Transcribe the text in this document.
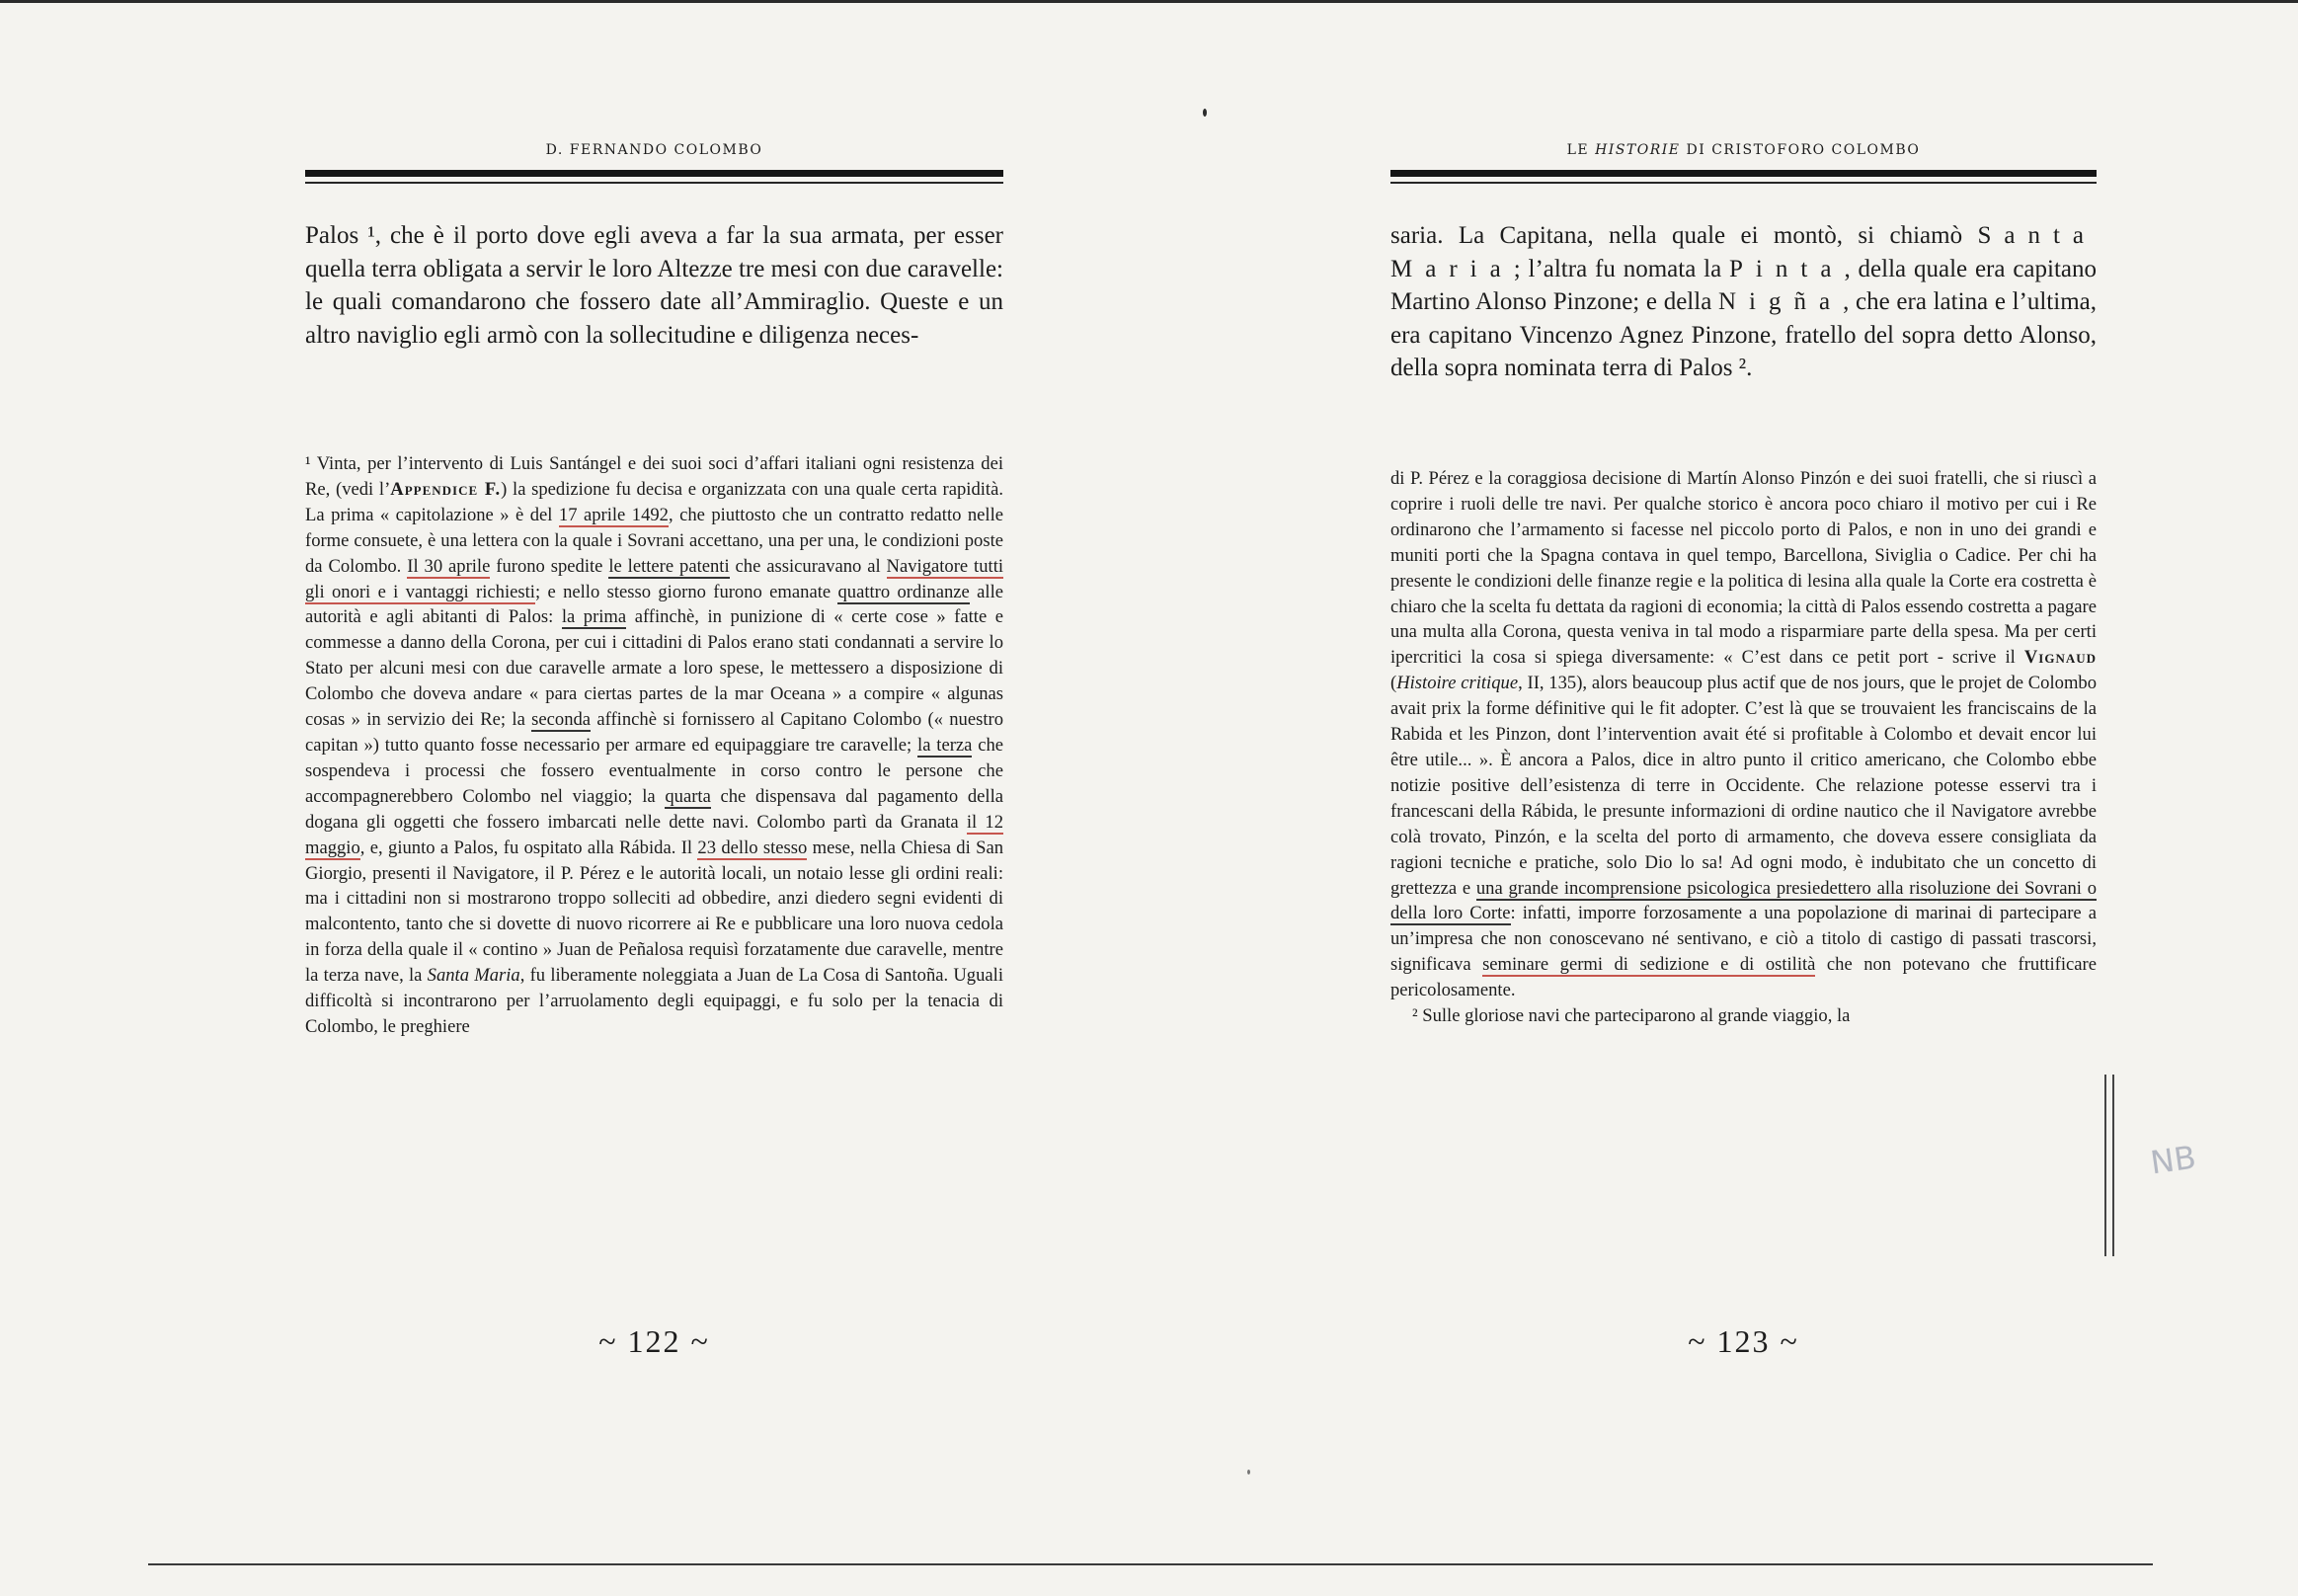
D. FERNANDO COLOMBO

Palos ¹, che è il porto dove egli aveva a far la sua armata, per esser quella terra obligata a servir le loro Altezze tre mesi con due caravelle: le quali comandarono che fossero date all’Ammiraglio. Queste e un altro naviglio egli armò con la sollecitudine e diligenza neces-

¹ Vinta, per l’intervento di Luis Santángel e dei suoi soci d’affari italiani ogni resistenza dei Re, (vedi l’Appendice F.) la spedizione fu decisa e organizzata con una quale certa rapidità. La prima « capitolazione » è del 17 aprile 1492, che piuttosto che un contratto redatto nelle forme consuete, è una lettera con la quale i Sovrani accettano, una per una, le condizioni poste da Colombo. Il 30 aprile furono spedite le lettere patenti che assicuravano al Navigatore tutti gli onori e i vantaggi richiesti; e nello stesso giorno furono emanate quattro ordinanze alle autorità e agli abitanti di Palos: la prima affinchè, in punizione di « certe cose » fatte e commesse a danno della Corona, per cui i cittadini di Palos erano stati condannati a servire lo Stato per alcuni mesi con due caravelle armate a loro spese, le mettessero a disposizione di Colombo che doveva andare « para ciertas partes de la mar Oceana » a compire « algunas cosas » in servizio dei Re; la seconda affinchè si fornissero al Capitano Colombo (« nuestro capitan ») tutto quanto fosse necessario per armare ed equipaggiare tre caravelle; la terza che sospendeva i processi che fossero eventualmente in corso contro le persone che accompagnerebbero Colombo nel viaggio; la quarta che dispensava dal pagamento della dogana gli oggetti che fossero imbarcati nelle dette navi. Colombo partì da Granata il 12 maggio, e, giunto a Palos, fu ospitato alla Rábida. Il 23 dello stesso mese, nella Chiesa di San Giorgio, presenti il Navigatore, il P. Pérez e le autorità locali, un notaio lesse gli ordini reali: ma i cittadini non si mostrarono troppo solleciti ad obbedire, anzi diedero segni evidenti di malcontento, tanto che si dovette di nuovo ricorrere ai Re e pubblicare una loro nuova cedola in forza della quale il « contino » Juan de Peñalosa requisì forzatamente due caravelle, mentre la terza nave, la Santa Maria, fu liberamente noleggiata a Juan de La Cosa di Santoña. Uguali difficoltà si incontrarono per l’arruolamento degli equipaggi, e fu solo per la tenacia di Colombo, le preghiere

~ 122 ~
LE HISTORIE DI CRISTOFORO COLOMBO

saria. La Capitana, nella quale ei montò, si chiamò Santa Maria; l’altra fu nomata la Pinta, della quale era capitano Martino Alonso Pinzone; e della Nigña, che era latina e l’ultima, era capitano Vincenzo Agnez Pinzone, fratello del sopra detto Alonso, della sopra nominata terra di Palos ².

di P. Pérez e la coraggiosa decisione di Martín Alonso Pinzón e dei suoi fratelli, che si riuscì a coprire i ruoli delle tre navi. Per qualche storico è ancora poco chiaro il motivo per cui i Re ordinarono che l’armamento si facesse nel piccolo porto di Palos, e non in uno dei grandi e muniti porti che la Spagna contava in quel tempo, Barcellona, Siviglia o Cadice. Per chi ha presente le condizioni delle finanze regie e la politica di lesina alla quale la Corte era costretta è chiaro che la scelta fu dettata da ragioni di economia; la città di Palos essendo costretta a pagare una multa alla Corona, questa veniva in tal modo a risparmiare parte della spesa. Ma per certi ipercritici la cosa si spiega diversamente: « C’est dans ce petit port - scrive il Vignaud (Histoire critique, II, 135), alors beaucoup plus actif que de nos jours, que le projet de Colombo avait prix la forme définitive qui le fit adopter. C’est là que se trouvaient les franciscains de la Rabida et les Pinzon, dont l’intervention avait été si profitable à Colombo et devait encor lui être utile... ». È ancora a Palos, dice in altro punto il critico americano, che Colombo ebbe notizie positive dell’esistenza di terre in Occidente. Che relazione potesse esservi tra i francescani della Rábida, le presunte informazioni di ordine nautico che il Navigatore avrebbe colà trovato, Pinzón, e la scelta del porto di armamento, che doveva essere consigliata da ragioni tecniche e pratiche, solo Dio lo sa! Ad ogni modo, è indubitato che un concetto di grettezza e una grande incomprensione psicologica presiedettero alla risoluzione dei Sovrani o della loro Corte: infatti, imporre forzosamente a una popolazione di marinai di partecipare a un’impresa che non conoscevano né sentivano, e ciò a titolo di castigo di passati trascorsi, significava seminare germi di sedizione e di ostilità che non potevano che fruttificare pericolosamente.
² Sulle gloriose navi che parteciparono al grande viaggio, la

~ 123 ~
NB
